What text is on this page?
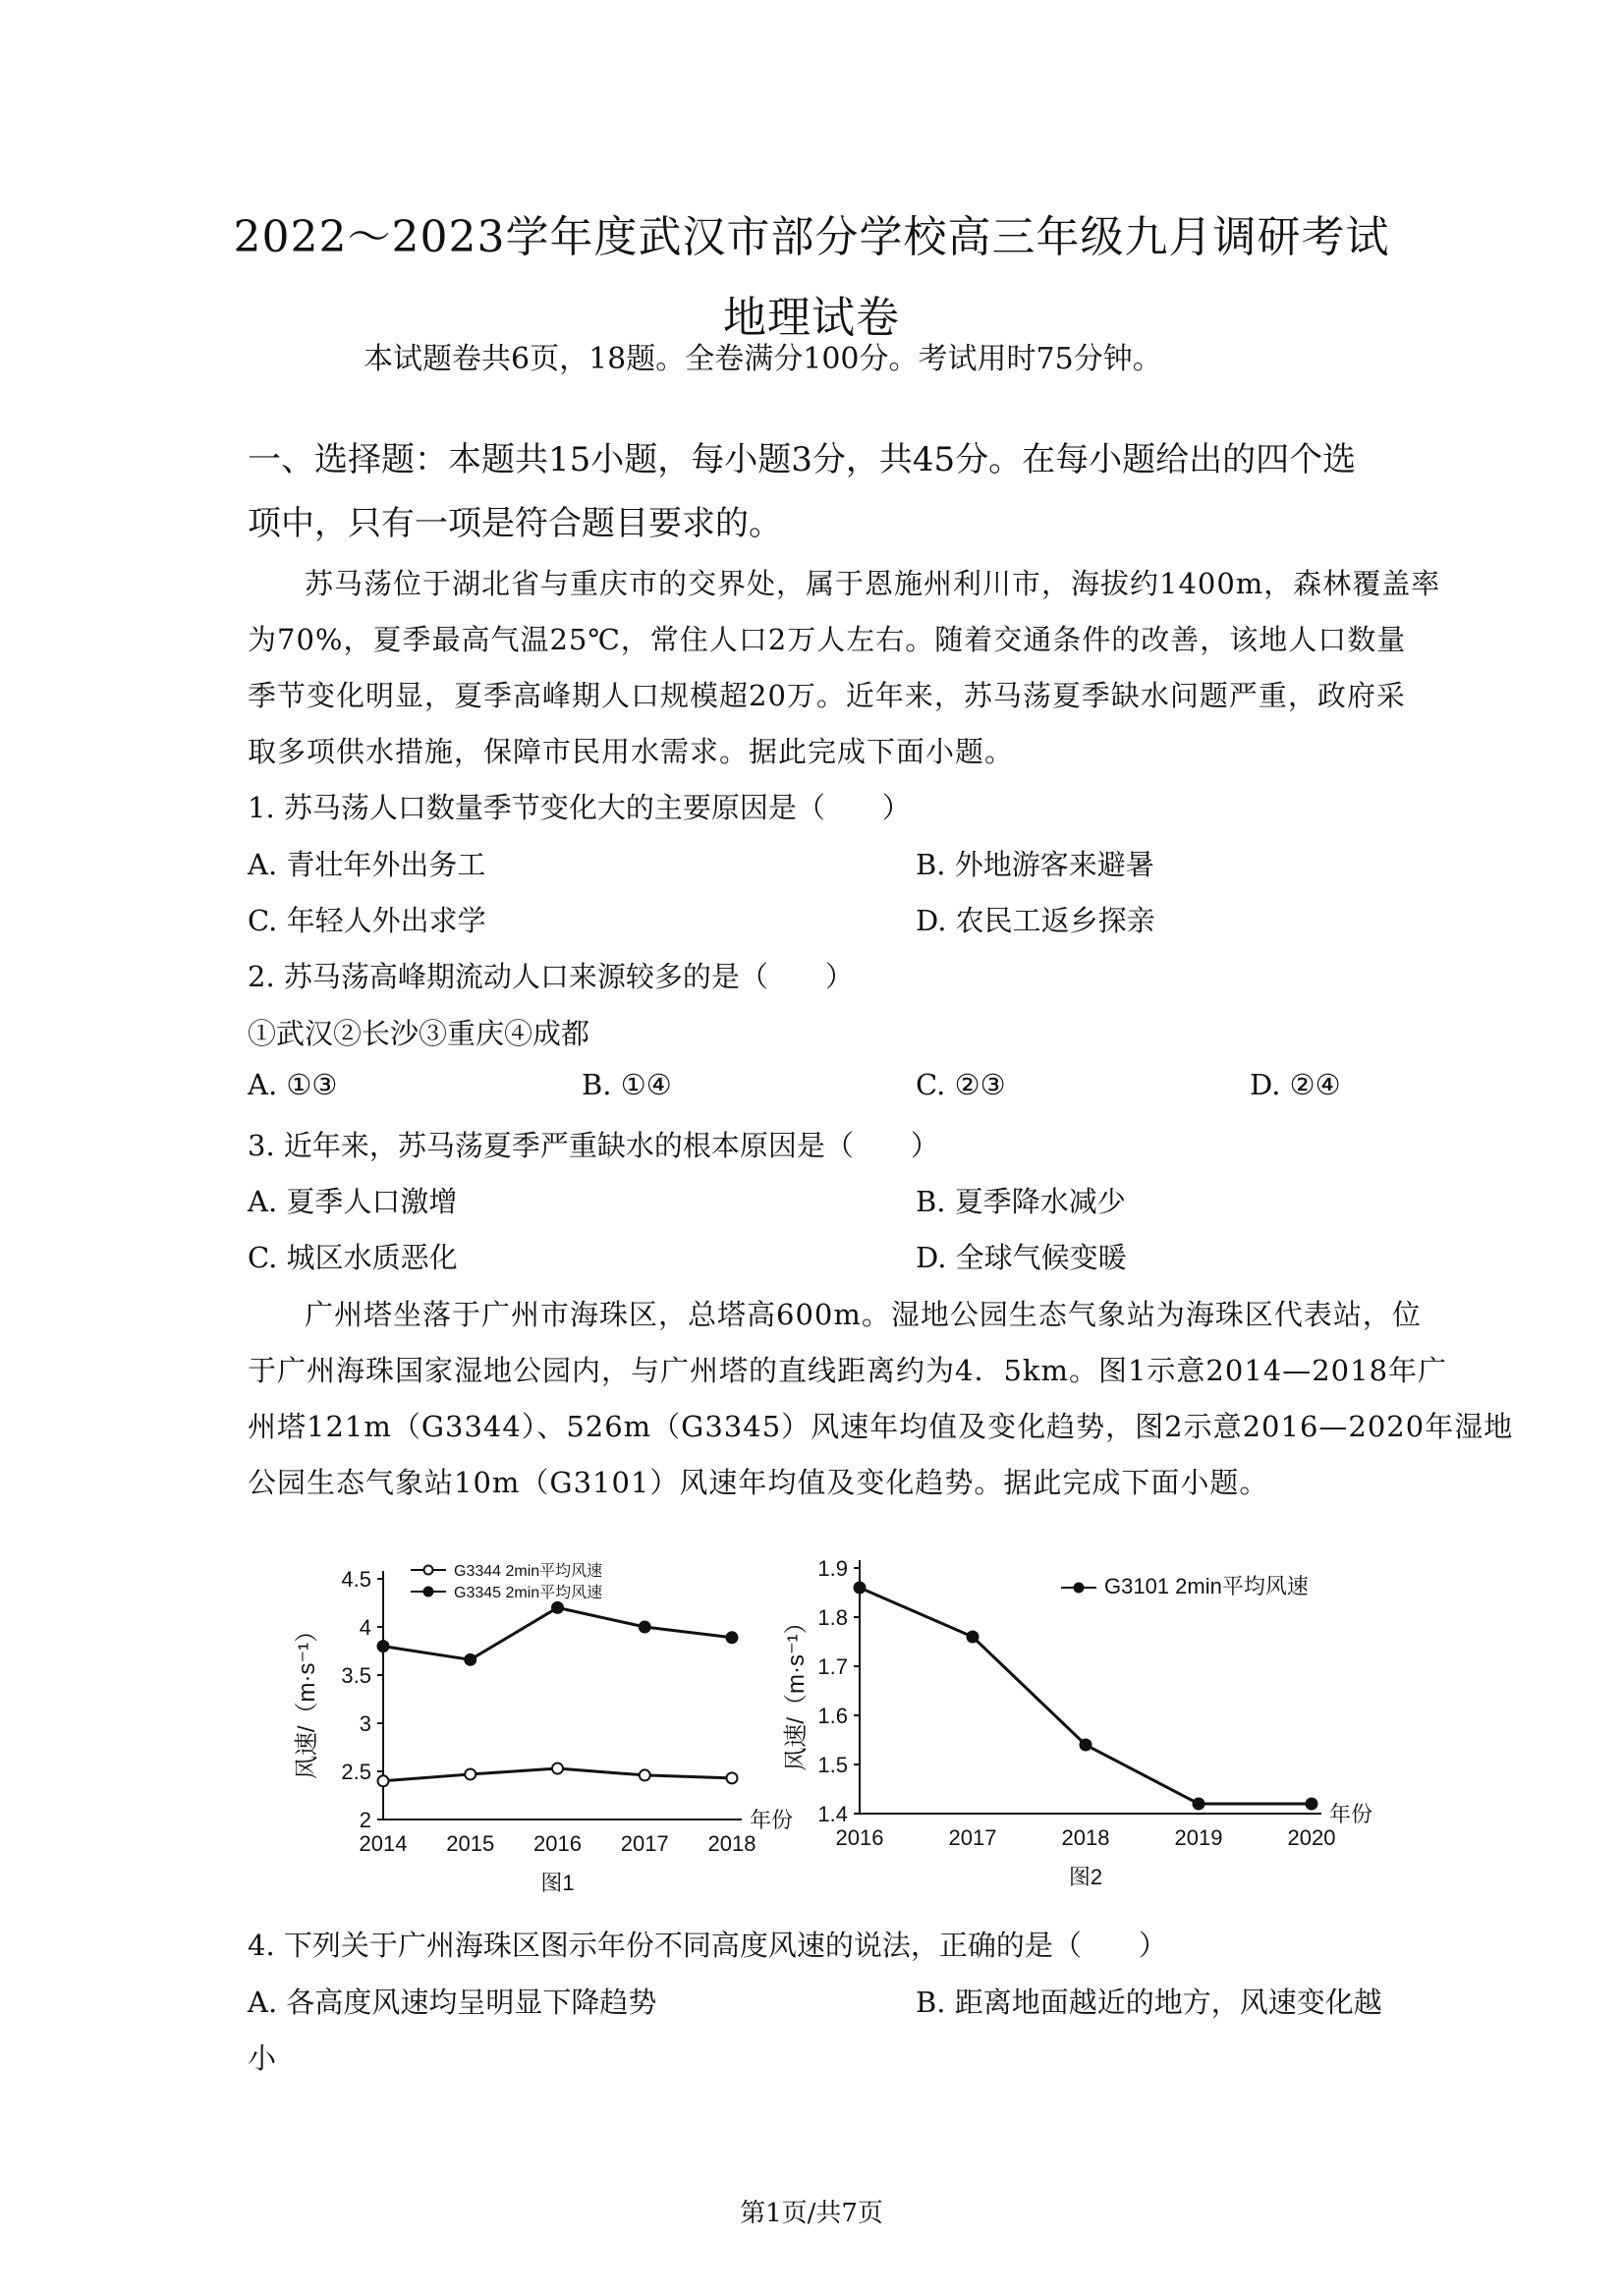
2022～2023学年度武汉市部分学校高三年级九月调研考试
地理试卷
本试题卷共6页，18题。全卷满分100分。考试用时75分钟。
一、选择题：本题共15小题，每小题3分，共45分。在每小题给出的四个选
项中，只有一项是符合题目要求的。
苏马荡位于湖北省与重庆市的交界处，属于恩施州利川市，海拔约1400m，森林覆盖率
为70%，夏季最高气温25℃，常住人口2万人左右。随着交通条件的改善，该地人口数量
季节变化明显，夏季高峰期人口规模超20万。近年来，苏马荡夏季缺水问题严重，政府采
取多项供水措施，保障市民用水需求。据此完成下面小题。
1. 苏马荡人口数量季节变化大的主要原因是（　　）
A. 青壮年外出务工	B. 外地游客来避暑
C. 年轻人外出求学	D. 农民工返乡探亲
2. 苏马荡高峰期流动人口来源较多的是（　　）
①武汉②长沙③重庆④成都
A. ①③	B. ①④	C. ②③	D. ②④
3. 近年来，苏马荡夏季严重缺水的根本原因是（　　）
A. 夏季人口激增	B. 夏季降水减少
C. 城区水质恶化	D. 全球气候变暖
广州塔坐落于广州市海珠区，总塔高600m。湿地公园生态气象站为海珠区代表站，位
于广州海珠国家湿地公园内，与广州塔的直线距离约为4．5km。图1示意2014—2018年广
州塔121m（G3344）、526m（G3345）风速年均值及变化趋势，图2示意2016—2020年湿地
公园生态气象站10m（G3101）风速年均值及变化趋势。据此完成下面小题。
2
2.5
3
3.5
4
4.5
2014 2015 2016 2017 2018
年份
风速/（m·s⁻¹）
图1
G3344 2min平均风速
G3345 2min平均风速
1.4
1.5
1.6
1.7
1.8
1.9
2016	2017	2018	2019	2020
年份
风速/（m·s⁻¹）
图2
G3101 2min平均风速
4. 下列关于广州海珠区图示年份不同高度风速的说法，正确的是（　　）
A. 各高度风速均呈明显下降趋势	B. 距离地面越近的地方，风速变化越
小
第1页/共7页
